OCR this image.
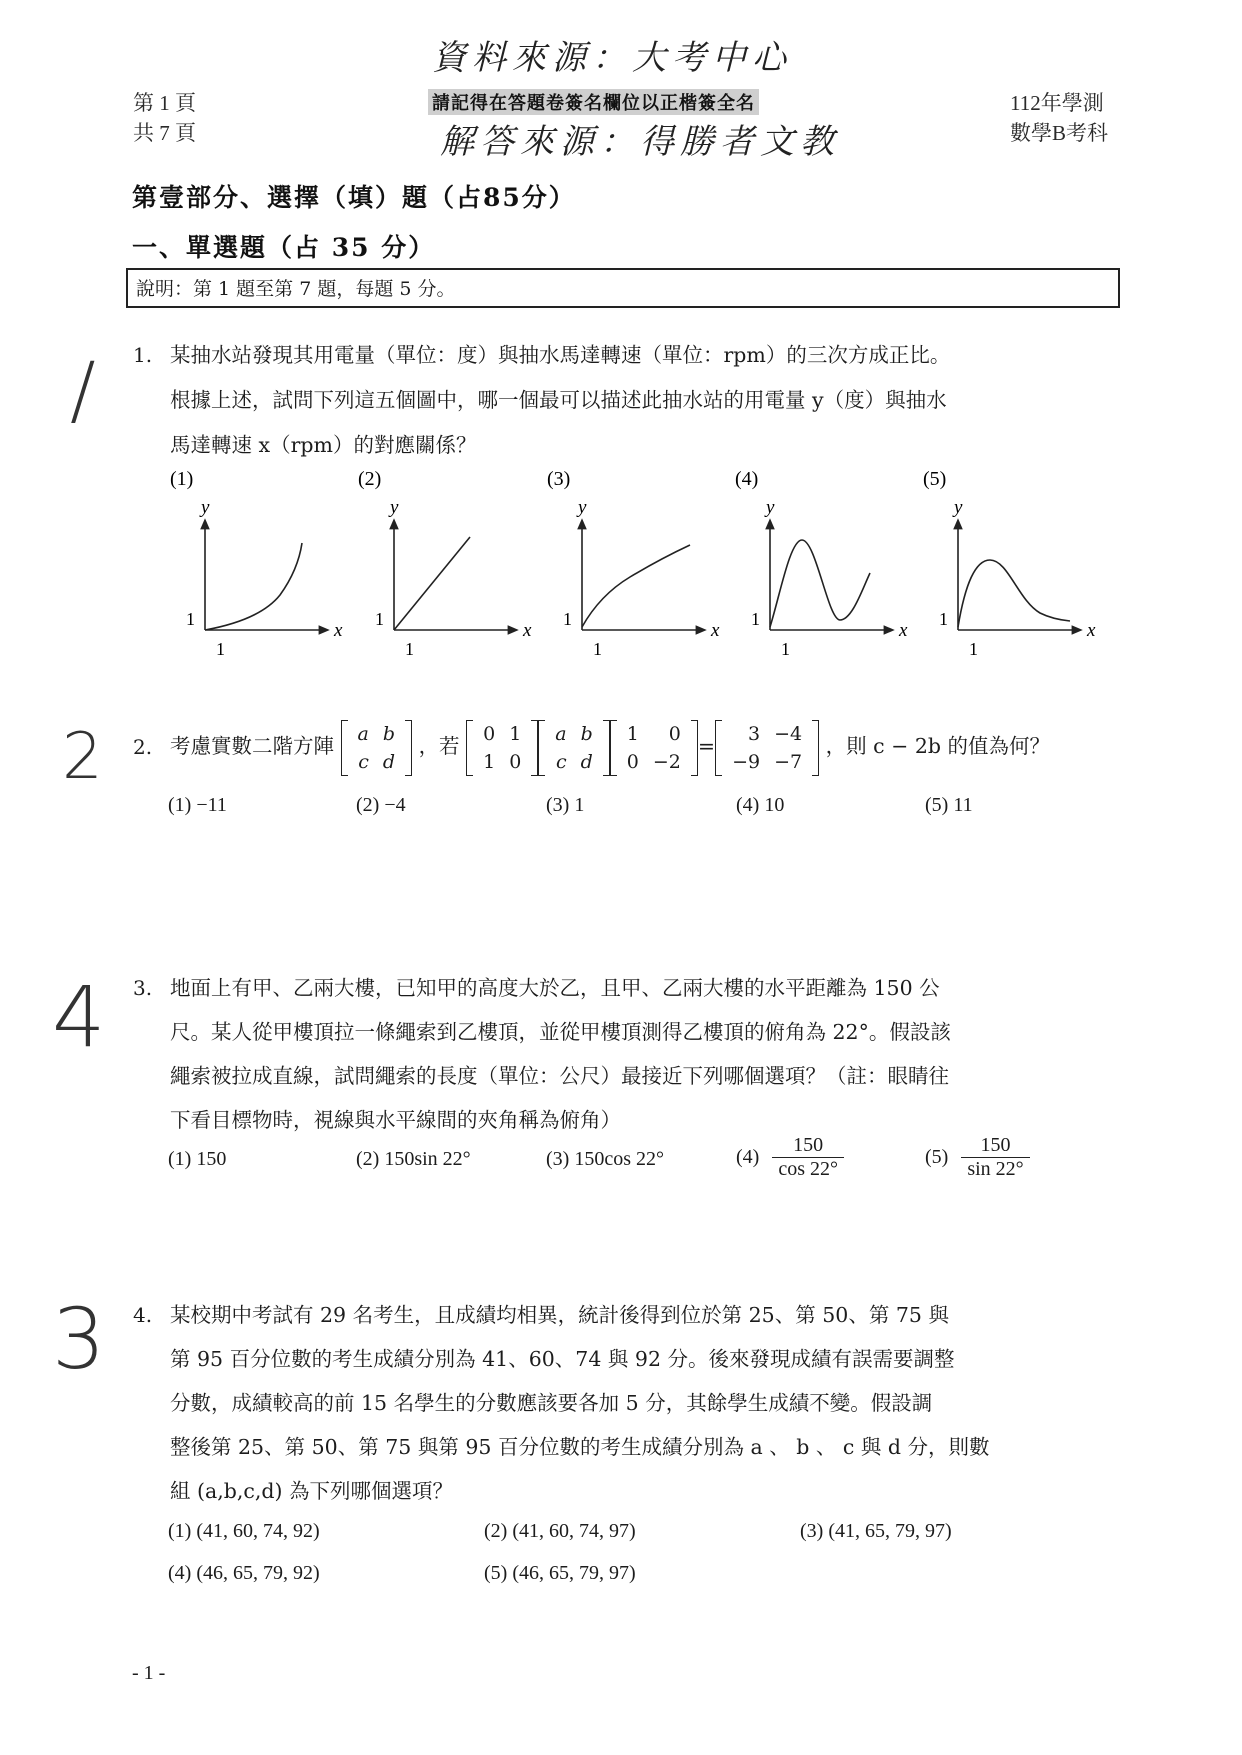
第 1 頁
共 7 頁
112年學測
數學B考科
資料來源：大考中心
請記得在答題卷簽名欄位以正楷簽全名
解答來源：得勝者文教
第壹部分、選擇（填）題（占85分）
一、單選題（占 35 分）
說明：第 1 題至第 7 題，每題 5 分。
/ 1. 某抽水站發現其用電量（單位：度）與抽水馬達轉速（單位：rpm）的三次方成正比。
根據上述，試問下列這五個圖中，哪一個最可以描述此抽水站的用電量 y（度）與抽水
馬達轉速 x（rpm）的對應關係？
(1)
y
x
1
1
(2)
y
x
1
1
(3)
y
x
1
1
(4)
y
x
1
1
(5)
y
x
1
1
2 2. 考慮實數二階方陣
a	b
c	d
，若
0	1
1	0
a	b
c	d
1	0
0	−2
=
3	−4
−9	−7
，則 c − 2b 的值為何？
(1) −11	(2) −4	(3) 1	(4) 10	(5) 11
4 3. 地面上有甲、乙兩大樓，已知甲的高度大於乙，且甲、乙兩大樓的水平距離為 150 公
尺。某人從甲樓頂拉一條繩索到乙樓頂，並從甲樓頂測得乙樓頂的俯角為 22°。假設該
繩索被拉成直線，試問繩索的長度（單位：公尺）最接近下列哪個選項？（註：眼睛往
下看目標物時，視線與水平線間的夾角稱為俯角）
(1) 150	(2) 150sin 22°	(3) 150cos 22°	$(4) \frac{150}{\cos 22^\circ}$	$(5) \frac{150}{\sin 22^\circ}$
3 4. 某校期中考試有 29 名考生，且成績均相異，統計後得到位於第 25、第 50、第 75 與
第 95 百分位數的考生成績分別為 41、60、74 與 92 分。後來發現成績有誤需要調整
分數，成績較高的前 15 名學生的分數應該要各加 5 分，其餘學生成績不變。假設調
整後第 25、第 50、第 75 與第 95 百分位數的考生成績分別為 a 、 b 、 c 與 d 分，則數
組 (a,b,c,d) 為下列哪個選項？
(1) (41, 60, 74, 92)	(2) (41, 60, 74, 97)	(3) (41, 65, 79, 97)
(4) (46, 65, 79, 92)	(5) (46, 65, 79, 97)
- 1 -
